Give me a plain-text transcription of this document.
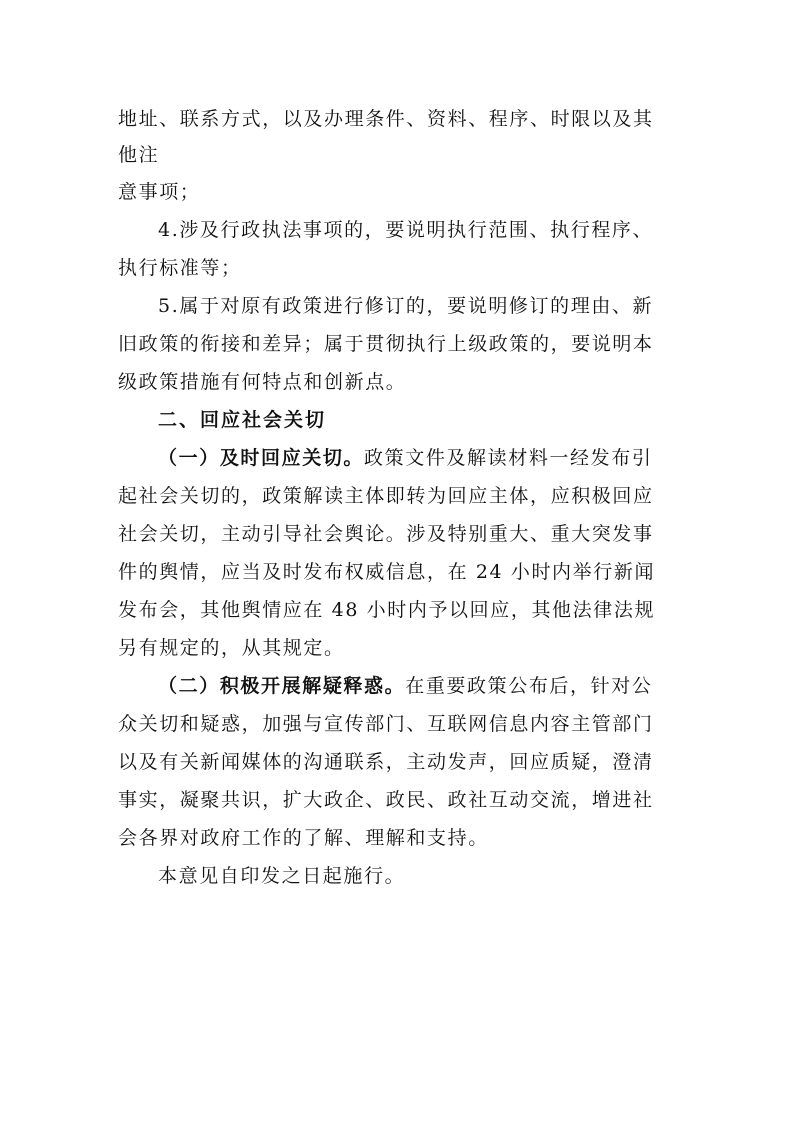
地址、联系方式，以及办理条件、资料、程序、时限以及其
他注
意事项；
4.涉及行政执法事项的，要说明执行范围、执行程序、
执行标准等；
5.属于对原有政策进行修订的，要说明修订的理由、新
旧政策的衔接和差异；属于贯彻执行上级政策的，要说明本
级政策措施有何特点和创新点。
二、回应社会关切
（一）及时回应关切。政策文件及解读材料一经发布引
起社会关切的，政策解读主体即转为回应主体，应积极回应
社会关切，主动引导社会舆论。涉及特别重大、重大突发事
件的舆情，应当及时发布权威信息，在 24 小时内举行新闻
发布会，其他舆情应在 48 小时内予以回应，其他法律法规
另有规定的，从其规定。
（二）积极开展解疑释惑。在重要政策公布后，针对公
众关切和疑惑，加强与宣传部门、互联网信息内容主管部门
以及有关新闻媒体的沟通联系，主动发声，回应质疑，澄清
事实，凝聚共识，扩大政企、政民、政社互动交流，增进社
会各界对政府工作的了解、理解和支持。
本意见自印发之日起施行。
